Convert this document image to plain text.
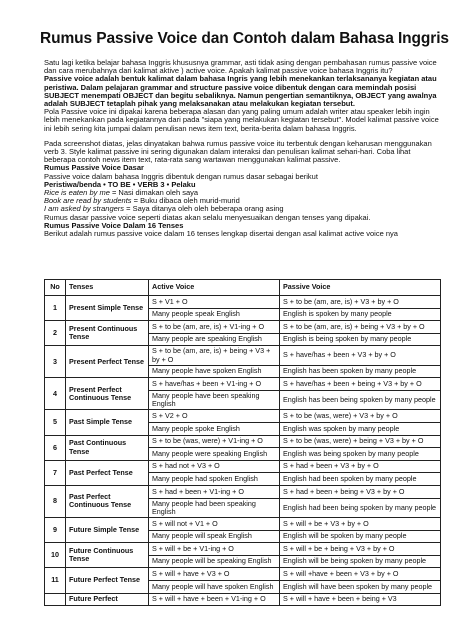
Rumus Passive Voice dan Contoh dalam Bahasa Inggris

Satu lagi ketika belajar bahasa Inggris khususnya grammar, asti tidak asing dengan pembahasan rumus passive voice dan cara merubahnya dari kalimat aktive ) active voice. Apakah kalimat passive voice bahasa Inggris itu?

Passive voice adalah bentuk kalimat dalam bahasa Ingris yang lebih menekankan terlaksananya kegiatan atau peristiwa. Dalam pelajaran grammar and structure passive voice dibentuk dengan cara memindah posisi SUBJECT menempati OBJECT dan begitu sebaliknya. Namun pengertian semantiknya, OBJECT yang awalnya adalah SUBJECT tetaplah pihak yang melaksanakan atau melakukan kegiatan tersebut.

Pola Passive voice ini dipakai karena beberapa alasan dan yang paling umum adalah writer atau speaker lebih ingin lebih menekankan pada kegiatannya dari pada "siapa yang melakukan kegiatan tersebut". Model kalimat passive voice ini lebih sering kita jumpai dalam penulisan news item text, berita-berita dalam bahasa Inggris.

Pada screenshot diatas, jelas dinyatakan bahwa rumus passive voice itu terbentuk dengan keharusan menggunakan verb 3. Style kalimat passive ini sering digunakan dalam interaksi dan penulisan kalimat sehari-hari. Coba lihat beberapa contoh news item text, rata-rata sang wartawan menggunakan kalimat passive.

Rumus Passive Voice Dasar
Passive voice dalam bahasa Inggris dibentuk dengan rumus dasar sebagai berikut
Peristiwa/benda • TO BE • VERB 3 • Pelaku
Rice is eaten by me = Nasi dimakan oleh saya
Book are read by students = Buku dibaca oleh murid-murid
I am asked by strangers = Saya ditanya oleh oleh beberapa orang asing
Rumus dasar passive voice seperti diatas akan selalu menyesuaikan dengan tenses yang dipakai.
Rumus Passive Voice Dalam 16 Tenses
Berikut adalah rumus passive voice dalam 16 tenses lengkap disertai dengan asal kalimat active voice nya
No	Tenses	Active Voice	Passive Voice
1	Present Simple Tense	S + V1 + O	S + to be (am, are, is) + V3 + by + O
		Many people speak English	English is spoken by many people
2	Present Continuous Tense	S + to be (am, are, is) + V1-ing + O	S + to be (am, are, is) + being + V3 + by + O
		Many people are speaking English	English is being spoken by many people
3	Present Perfect Tense	S + to be (am, are, is) + being + V3 + by + O	S + have/has + been + V3 + by + O
		Many people have spoken English	English has been spoken by many people
4	Present Perfect Continuous Tense	S + have/has + been + V1-ing + O	S + have/has + been + being + V3 + by + O
		Many people have been speaking English	English has been being spoken by many people
5	Past Simple Tense	S + V2 + O	S + to be (was, were) + V3 + by + O
		Many people spoke English	English was spoken by many people
6	Past Continuous Tense	S + to be (was, were) + V1-ing + O	S + to be (was, were) + being + V3 + by + O
		Many people were speaking English	English was being spoken by many people
7	Past Perfect Tense	S + had not + V3 + O	S + had + been + V3 + by + O
		Many people had spoken English	English had been spoken by many people
8	Past Perfect Continuous Tense	S + had + been + V1-ing + O	S + had + been + being + V3 + by + O
		Many people had been speaking English	English had been being spoken by many people
9	Future Simple Tense	S + will not + V1 + O	S + will + be + V3 + by + O
		Many people will speak English	English will be spoken by many people
10	Future Continuous Tense	S + will + be + V1-ing + O	S + will + be + being + V3 + by + O
		Many people will be speaking English	English will be being spoken by many people
11	Future Perfect Tense	S + will + have + V3 + O	S + will +have + been + V3 + by + O
		Many people will have spoken English	English will have been spoken by many people
	Future Perfect	S + will + have + been + V1-ing + O	S + will + have + been + being + V3
